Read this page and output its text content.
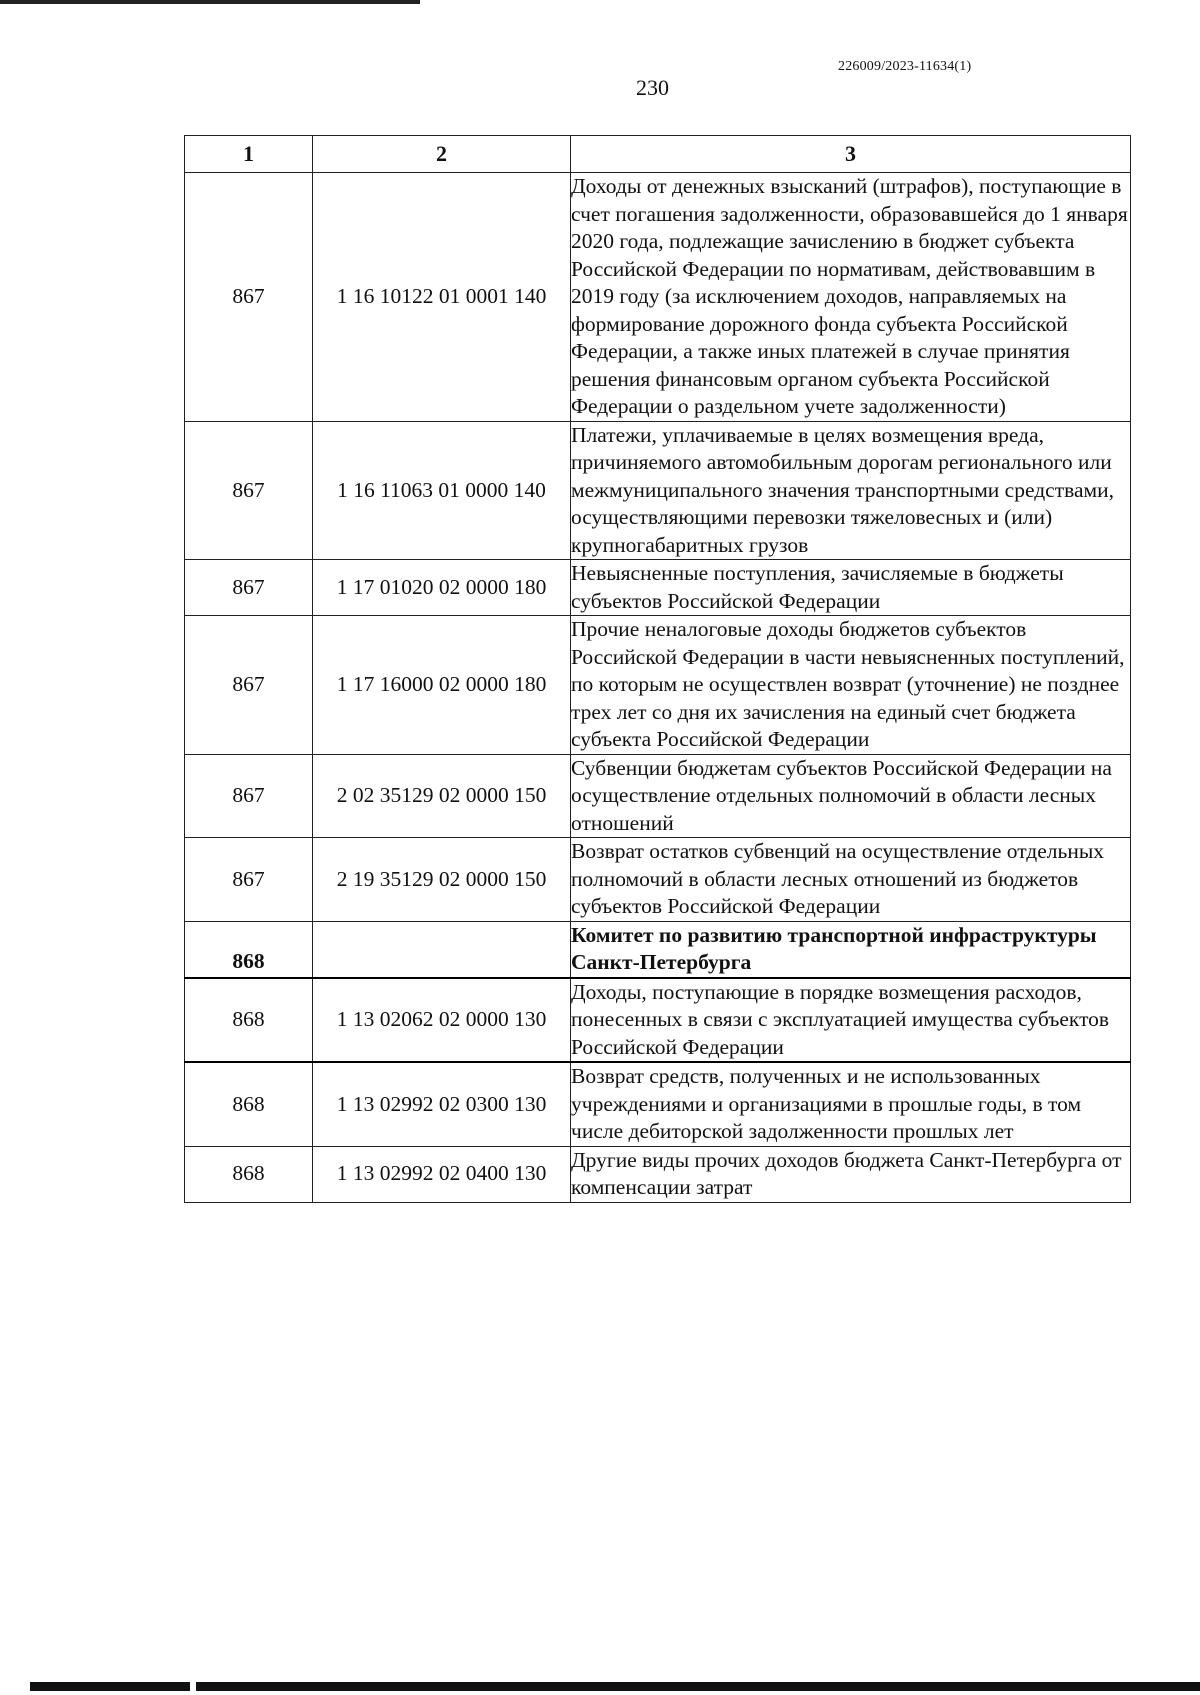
226009/2023-11634(1)
230
1	2	3
867	1 16 10122 01 0001 140	Доходы от денежных взысканий (штрафов), поступающие в счет погашения задолженности, образовавшейся до 1 января 2020 года, подлежащие зачислению в бюджет субъекта Российской Федерации по нормативам, действовавшим в 2019 году (за исключением доходов, направляемых на формирование дорожного фонда субъекта Российской Федерации, а также иных платежей в случае принятия решения финансовым органом субъекта Российской Федерации о раздельном учете задолженности)
867	1 16 11063 01 0000 140	Платежи, уплачиваемые в целях возмещения вреда, причиняемого автомобильным дорогам регионального или межмуниципального значения транспортными средствами, осуществляющими перевозки тяжеловесных и (или) крупногабаритных грузов
867	1 17 01020 02 0000 180	Невыясненные поступления, зачисляемые в бюджеты субъектов Российской Федерации
867	1 17 16000 02 0000 180	Прочие неналоговые доходы бюджетов субъектов Российской Федерации в части невыясненных поступлений, по которым не осуществлен возврат (уточнение) не позднее трех лет со дня их зачисления на единый счет бюджета субъекта Российской Федерации
867	2 02 35129 02 0000 150	Субвенции бюджетам субъектов Российской Федерации на осуществление отдельных полномочий в области лесных отношений
867	2 19 35129 02 0000 150	Возврат остатков субвенций на осуществление отдельных полномочий в области лесных отношений из бюджетов субъектов Российской Федерации
868		Комитет по развитию транспортной инфраструктуры Санкт-Петербурга
868	1 13 02062 02 0000 130	Доходы, поступающие в порядке возмещения расходов, понесенных в связи с эксплуатацией имущества субъектов Российской Федерации
868	1 13 02992 02 0300 130	Возврат средств, полученных и не использованных учреждениями и организациями в прошлые годы, в том числе дебиторской задолженности прошлых лет
868	1 13 02992 02 0400 130	Другие виды прочих доходов бюджета Санкт-Петербурга от компенсации затрат
